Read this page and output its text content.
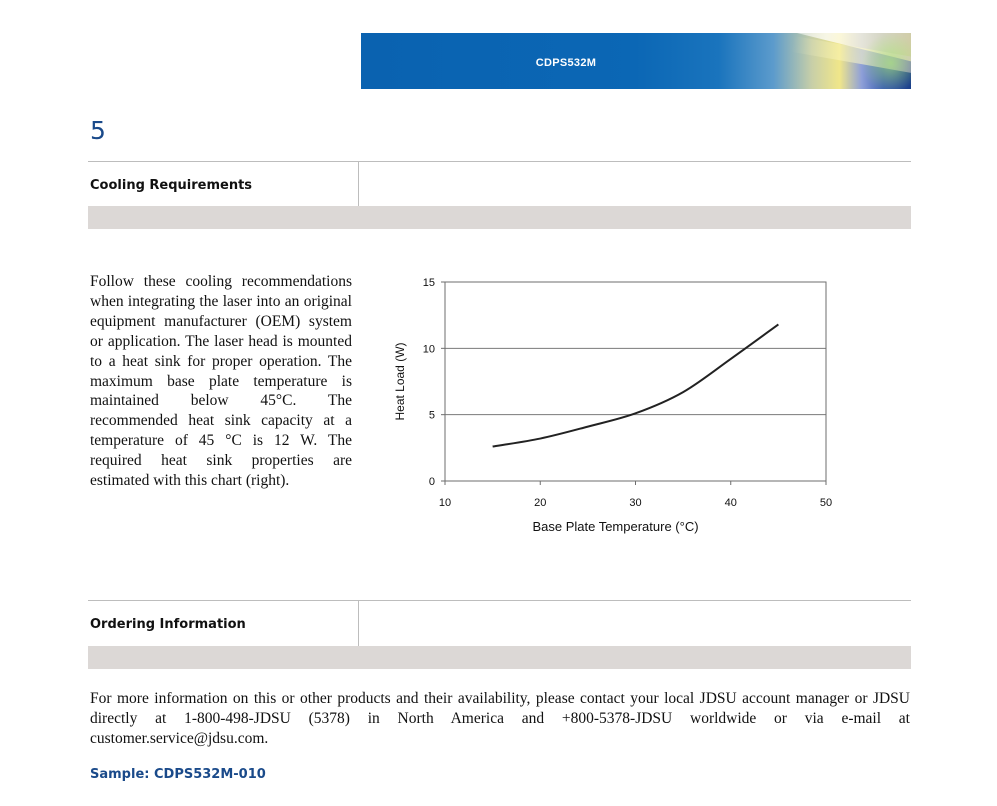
CDPS532M
5
Cooling Requirements
Follow these cooling recommendations when integrating the laser into an original equipment manufacturer (OEM) system or application. The laser head is mounted to a heat sink for proper operation. The maximum base plate temperature is maintained below 45°C. The recommended heat sink capacity at a temperature of 45 °C is 12 W. The required heat sink properties are estimated with this chart (right).	0
5
10
15
10	20	30	40	50
Heat Load (W)
Base Plate Temperature (°C)
Ordering Information
For more information on this or other products and their availability, please contact your local JDSU account manager or JDSU directly at 1-800-498-JDSU (5378) in North America and +800-5378-JDSU worldwide or via e-mail at customer.service@jdsu.com.
Sample: CDPS532M-010
